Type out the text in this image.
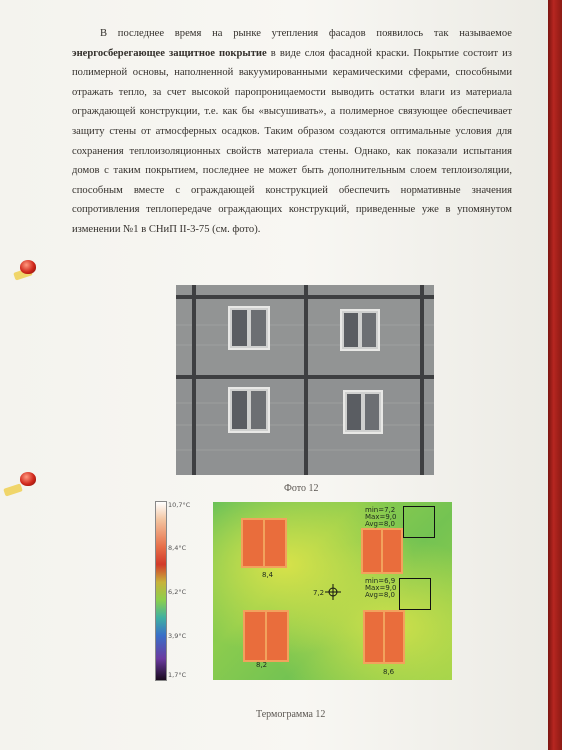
В последнее время на рынке утепления фасадов появилось так называемое энергосберегающее защитное покрытие в виде слоя фасадной краски. Покрытие состоит из полимерной основы, наполненной вакуумированными керамическими сферами, способными отражать тепло, за счет высокой паропроницаемости выводить остатки влаги из материала ограждающей конструкции, т.е. как бы «высушивать», а полимерное связующее обеспечивает защиту стены от атмосферных осадков. Таким образом создаются оптимальные условия для сохранения теплоизоляционных свойств материала стены. Однако, как показали испытания домов с таким покрытием, последнее не может быть дополнительным слоем теплоизоляции, способным вместе с ограждающей конструкцией обеспечить нормативные значения сопротивления теплопередаче ограждающих конструкций, приведенные уже в упомянутом изменении №1 в СНиП II-3-75 (см. фото).

Фото 12
10,7°C
8,4°C
6,2°C
3,9°C
1,7°C
min=7,2
Max=9,0
Avg=8,0
min=6,9
Max=9,0
Avg=8,0
8,4
7,2
8,2
8,6
Термограмма 12
